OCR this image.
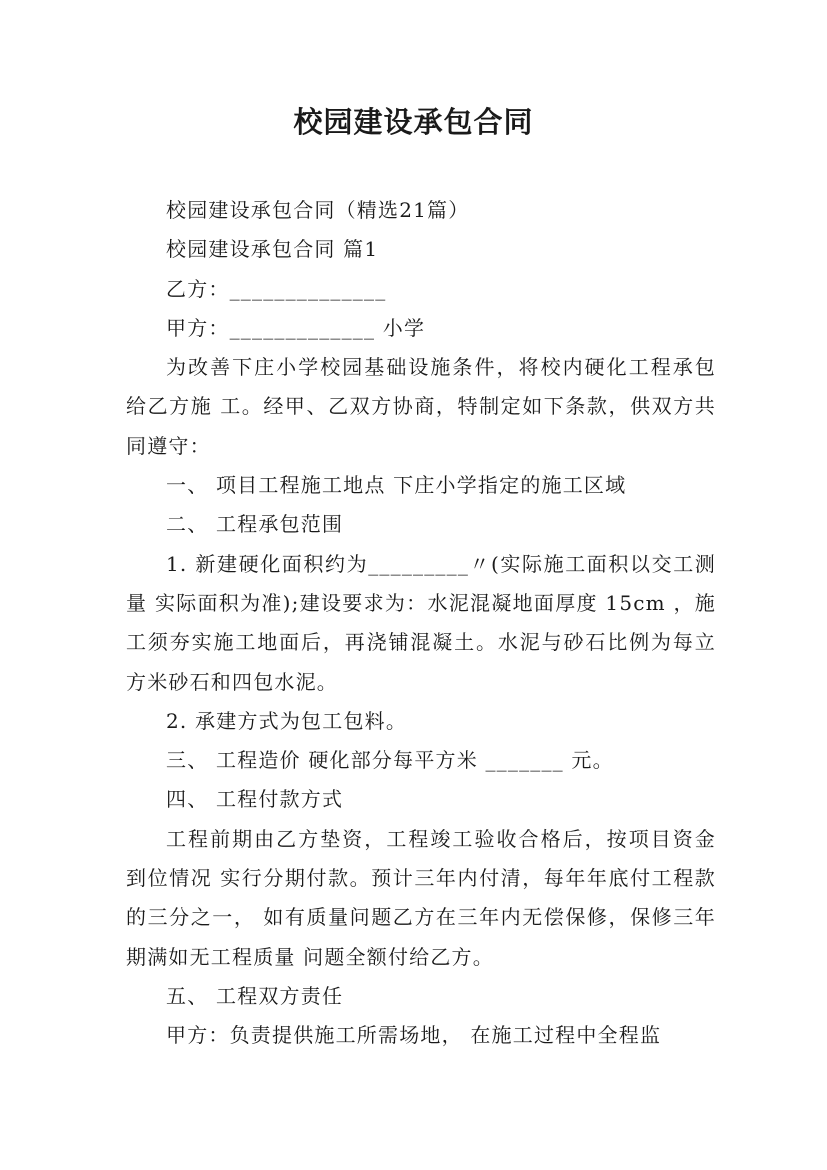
校园建设承包合同

校园建设承包合同（精选21篇）

校园建设承包合同 篇1

乙方：______________

甲方：_____________ 小学

为改善下庄小学校园基础设施条件，将校内硬化工程承包给乙方施 工。经甲、乙双方协商，特制定如下条款，供双方共同遵守：

一、 项目工程施工地点 下庄小学指定的施工区域

二、 工程承包范围

1. 新建硬化面积约为_________〃(实际施工面积以交工测量 实际面积为准);建设要求为：水泥混凝地面厚度 15cm ，施工须夯实施工地面后，再浇铺混凝土。水泥与砂石比例为每立方米砂石和四包水泥。

2. 承建方式为包工包料。

三、 工程造价 硬化部分每平方米 _______ 元。

四、 工程付款方式

工程前期由乙方垫资，工程竣工验收合格后，按项目资金 到位情况 实行分期付款。预计三年内付清，每年年底付工程款的三分之一， 如有质量问题乙方在三年内无偿保修，保修三年期满如无工程质量 问题全额付给乙方。

五、 工程双方责任

甲方：负责提供施工所需场地， 在施工过程中全程监
